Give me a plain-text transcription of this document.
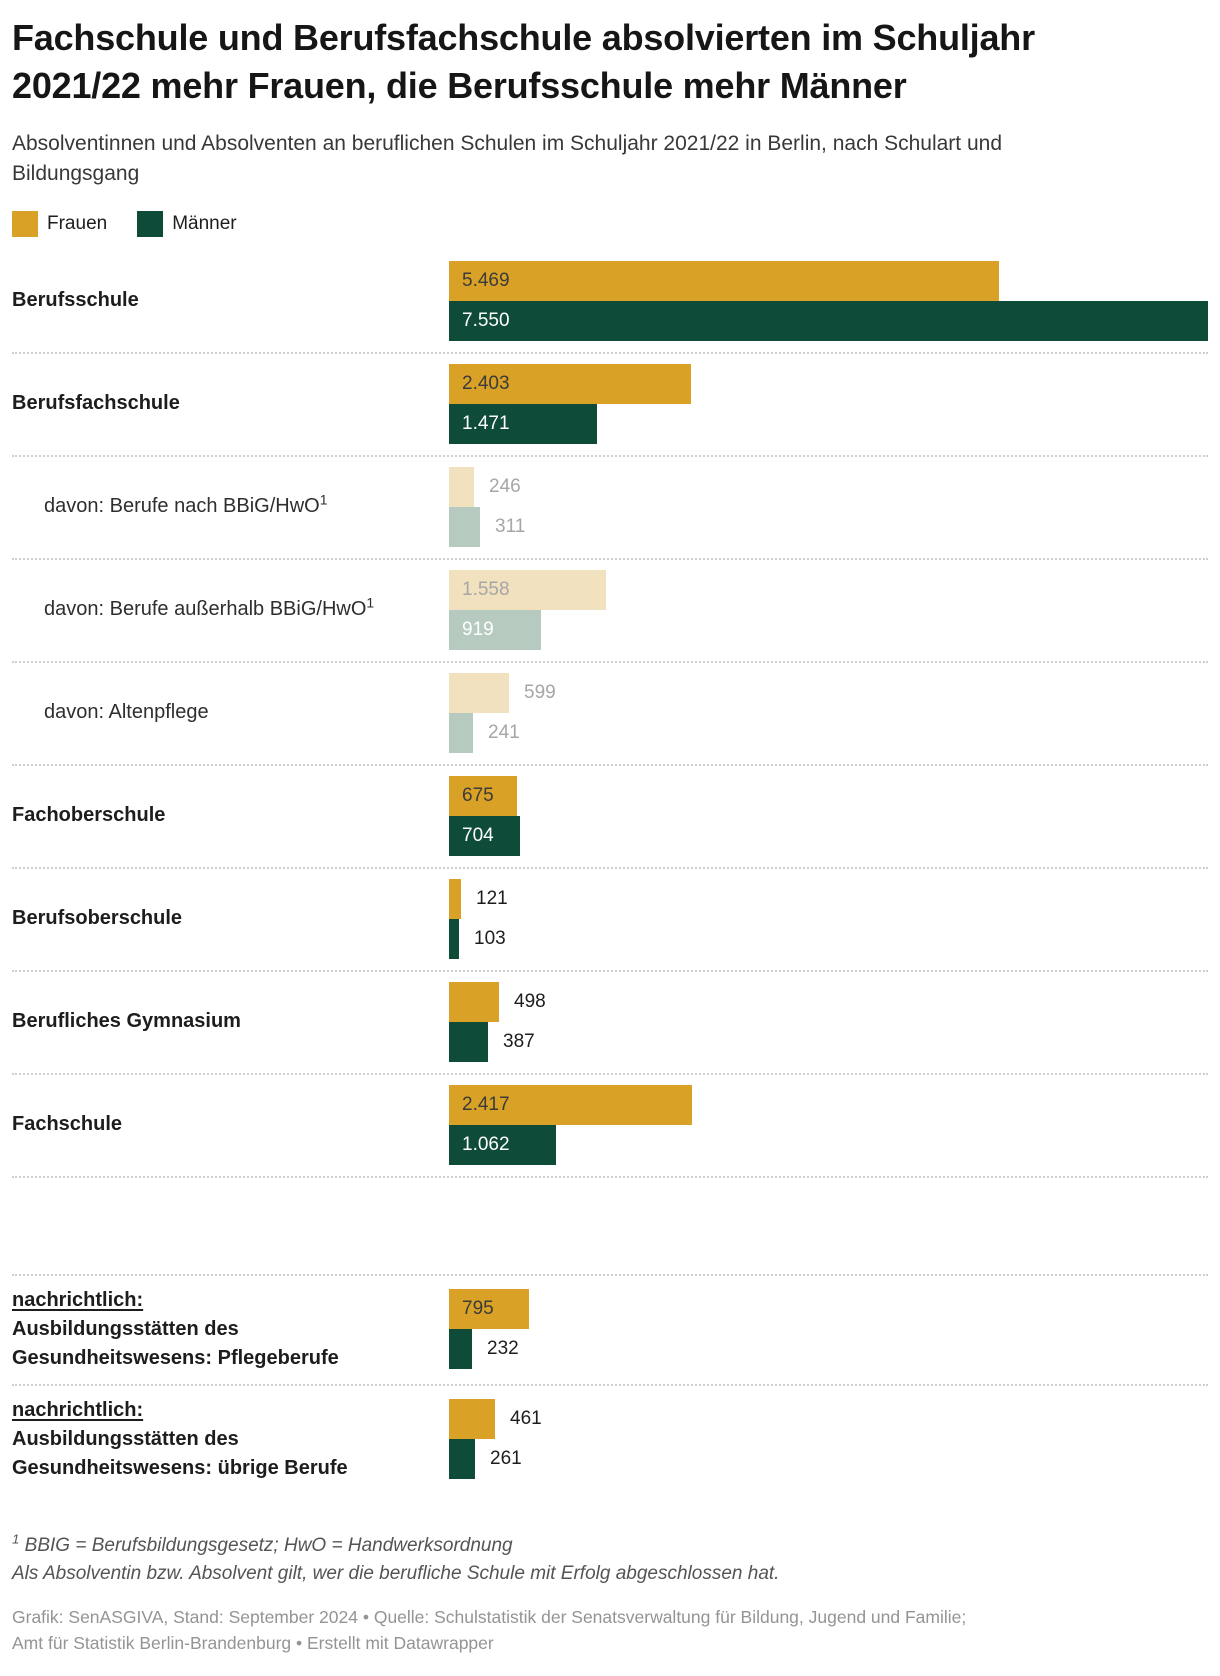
Fachschule und Berufsfachschule absolvierten im Schuljahr 2021/22 mehr Frauen, die Berufsschule mehr Männer

Absolventinnen und Absolventen an beruflichen Schulen im Schuljahr 2021/22 in Berlin, nach Schulart und Bildungsgang

Frauen	Männer
Berufsschule
5.469
7.550
Berufsfachschule
2.403
1.471
davon: Berufe nach BBiG/HwO$^1$
246
311
davon: Berufe außerhalb BBiG/HwO$^1$
1.558
919
davon: Altenpflege
599
241
Fachoberschule
675
704
Berufsoberschule
121
103
Berufliches Gymnasium
498
387
Fachschule
2.417
1.062
nachrichtlich:
Ausbildungsstätten des
Gesundheitswesens: Pflegeberufe
795
232
nachrichtlich:
Ausbildungsstätten des
Gesundheitswesens: übrige Berufe
461
261

$^1$ BBIG = Berufsbildungsgesetz; HwO = Handwerksordnung

Als Absolventin bzw. Absolvent gilt, wer die berufliche Schule mit Erfolg abgeschlossen hat.

Grafik: SenASGIVA, Stand: September 2024 • Quelle: Schulstatistik der Senatsverwaltung für Bildung, Jugend und Familie;

Amt für Statistik Berlin-Brandenburg • Erstellt mit Datawrapper
